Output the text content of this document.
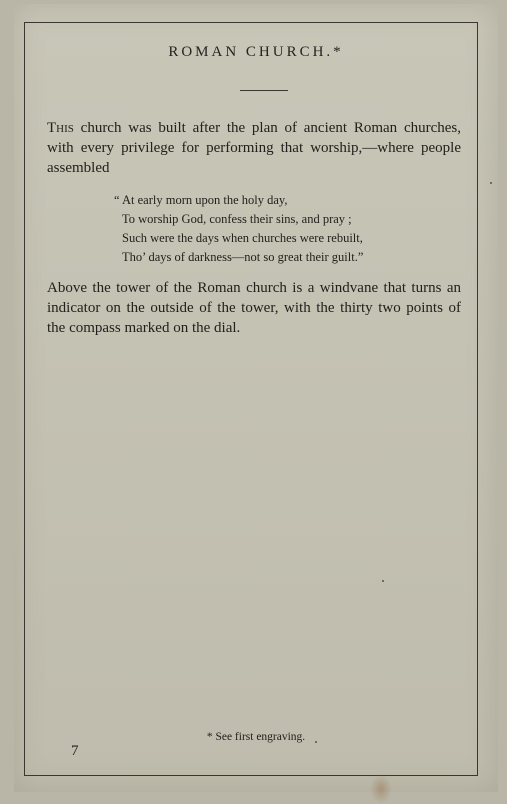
ROMAN CHURCH.*

This church was built after the plan of ancient Roman churches, with every privilege for performing that worship,—where people assembled

“ At early morn upon the holy day,
To worship God, confess their sins, and pray ;
Such were the days when churches were rebuilt,
Tho’ days of darkness—not so great their guilt.”

Above the tower of the Roman church is a windvane that turns an indicator on the outside of the tower, with the thirty two points of the compass marked on the dial.

* See first engraving.
7
